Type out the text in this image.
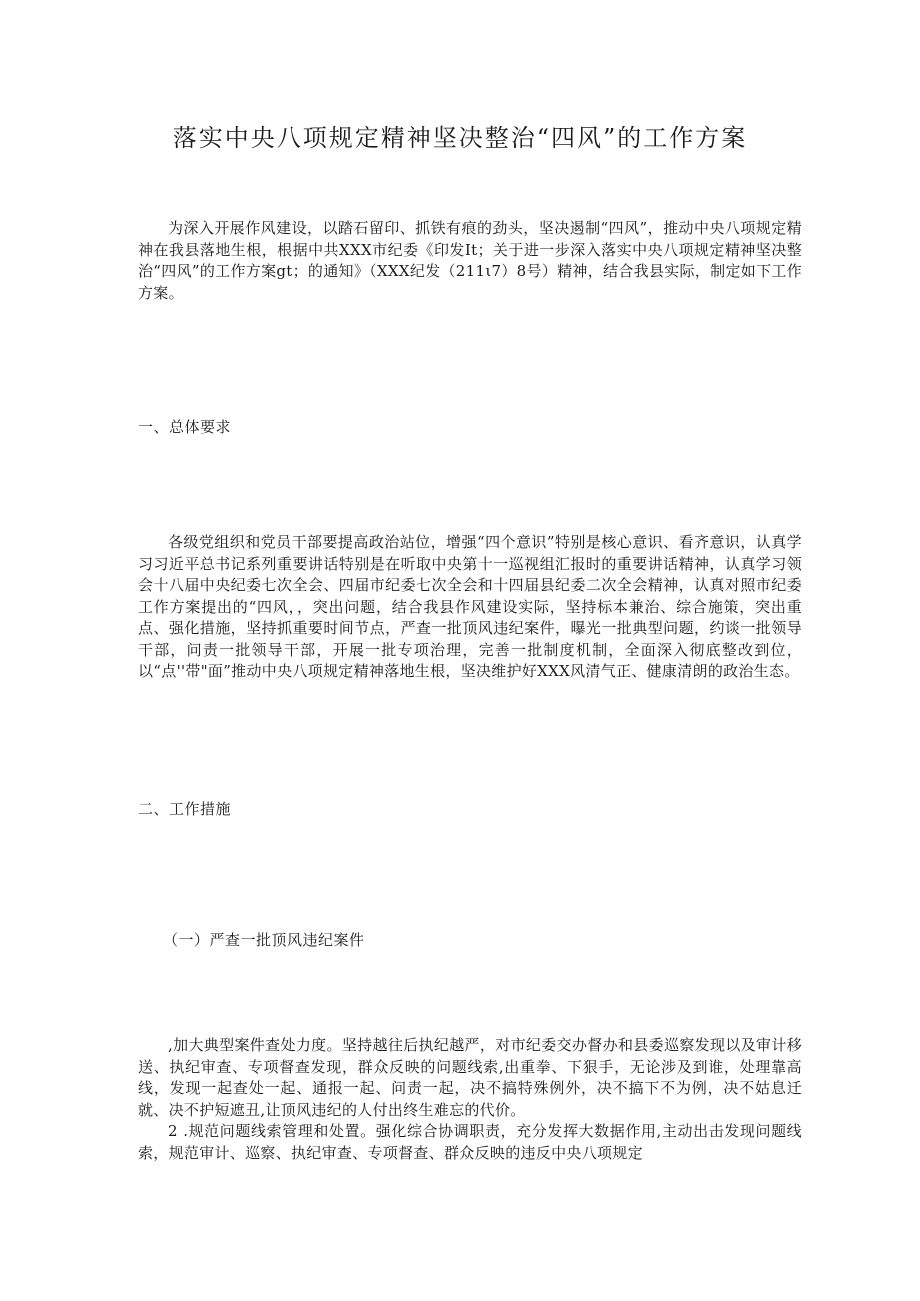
落实中央八项规定精神坚决整治“四风”的工作方案
为深入开展作风建设，以踏石留印、抓铁有痕的劲头，坚决遏制“四风”，推动中央八项规定精神在我县落地生根，根据中共XXX市纪委《印发It；关于进一步深入落实中央八项规定精神坚决整治“四风”的工作方案gt；的通知》（XXX纪发（211ι7）8号）精神，结合我县实际，制定如下工作方案。
一、总体要求
各级党组织和党员干部要提高政治站位，增强“四个意识”特别是核心意识、看齐意识，认真学习习近平总书记系列重要讲话特别是在听取中央第十一巡视组汇报时的重要讲话精神，认真学习领会十八届中央纪委七次全会、四届市纪委七次全会和十四届县纪委二次全会精神，认真对照市纪委工作方案提出的“四风，，突出问题，结合我县作风建设实际，坚持标本兼治、综合施策，突出重点、强化措施，坚持抓重要时间节点，严查一批顶风违纪案件，曝光一批典型问题，约谈一批领导干部，问责一批领导干部，开展一批专项治理，完善一批制度机制，全面深入彻底整改到位，以“点''带"面”推动中央八项规定精神落地生根，坚决维护好XXX风清气正、健康清朗的政治生态。
二、工作措施
（一）严查一批顶风违纪案件
,加大典型案件查处力度。坚持越往后执纪越严，对市纪委交办督办和县委巡察发现以及审计移送、执纪审查、专项督查发现，群众反映的问题线索,出重拳、下狠手，无论涉及到谁，处理靠高线，发现一起查处一起、通报一起、问责一起，决不搞特殊例外，决不搞下不为例，决不姑息迁就、决不护短遮丑,让顶风违纪的人付出终生难忘的代价。
2 .规范问题线索管理和处置。强化综合协调职责，充分发挥大数据作用,主动出击发现问题线索，规范审计、巡察、执纪审查、专项督查、群众反映的违反中央八项规定
